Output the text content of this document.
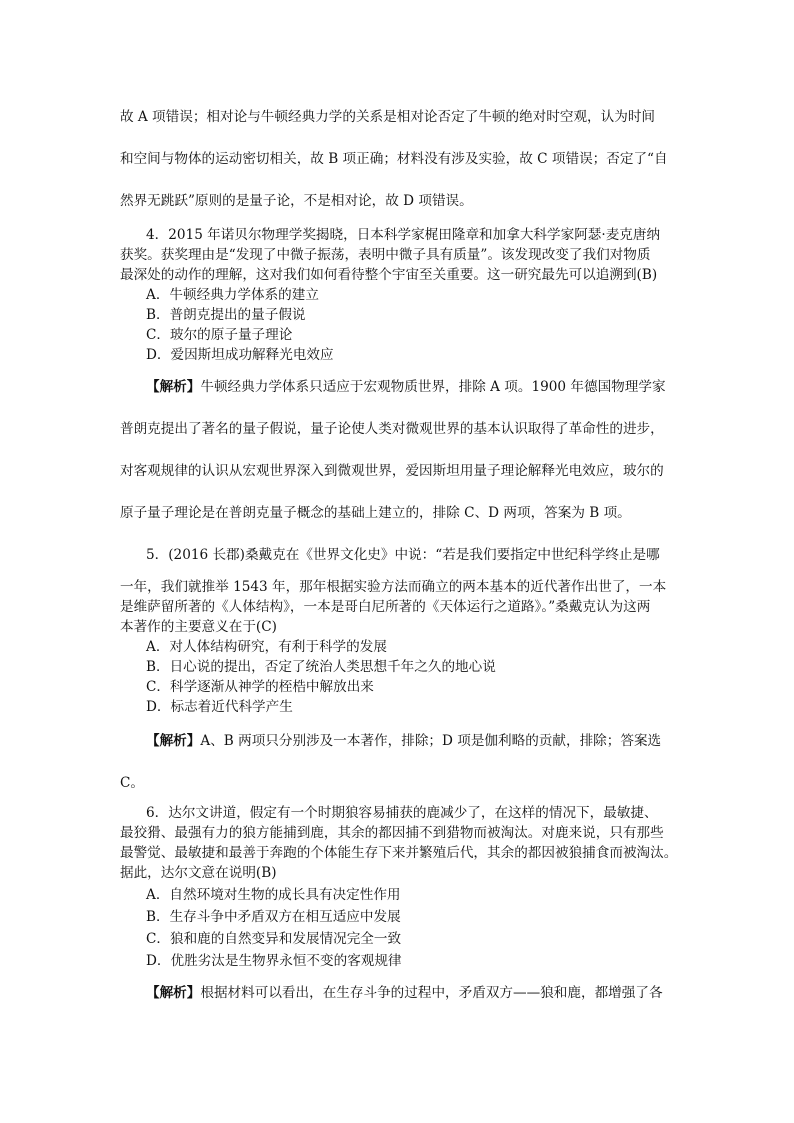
故 A 项错误；相对论与牛顿经典力学的关系是相对论否定了牛顿的绝对时空观，认为时间
和空间与物体的运动密切相关，故 B 项正确；材料没有涉及实验，故 C 项错误；否定了“自
然界无跳跃”原则的是量子论，不是相对论，故 D 项错误。
4．2015 年诺贝尔物理学奖揭晓，日本科学家梶田隆章和加拿大科学家阿瑟·麦克唐纳
获奖。获奖理由是“发现了中微子振荡，表明中微子具有质量”。该发现改变了我们对物质
最深处的动作的理解，这对我们如何看待整个宇宙至关重要。这一研究最先可以追溯到(B)
A．牛顿经典力学体系的建立
B．普朗克提出的量子假说
C．玻尔的原子量子理论
D．爱因斯坦成功解释光电效应
【解析】牛顿经典力学体系只适应于宏观物质世界，排除 A 项。1900 年德国物理学家
普朗克提出了著名的量子假说，量子论使人类对微观世界的基本认识取得了革命性的进步，
对客观规律的认识从宏观世界深入到微观世界，爱因斯坦用量子理论解释光电效应，玻尔的
原子量子理论是在普朗克量子概念的基础上建立的，排除 C、D 两项，答案为 B 项。
5．(2016 长郡)桑戴克在《世界文化史》中说：“若是我们要指定中世纪科学终止是哪
一年，我们就推举 1543 年，那年根据实验方法而确立的两本基本的近代著作出世了，一本
是维萨留所著的《人体结构》，一本是哥白尼所著的《天体运行之道路》。”桑戴克认为这两
本著作的主要意义在于(C)
A．对人体结构研究，有利于科学的发展
B．日心说的提出，否定了统治人类思想千年之久的地心说
C．科学逐渐从神学的桎梏中解放出来
D．标志着近代科学产生
【解析】A、B 两项只分别涉及一本著作，排除；D 项是伽利略的贡献，排除；答案选
C。
6．达尔文讲道，假定有一个时期狼容易捕获的鹿减少了，在这样的情况下，最敏捷、
最狡猾、最强有力的狼方能捕到鹿，其余的都因捕不到猎物而被淘汰。对鹿来说，只有那些
最警觉、最敏捷和最善于奔跑的个体能生存下来并繁殖后代，其余的都因被狼捕食而被淘汰。
据此，达尔文意在说明(B)
A．自然环境对生物的成长具有决定性作用
B．生存斗争中矛盾双方在相互适应中发展
C．狼和鹿的自然变异和发展情况完全一致
D．优胜劣汰是生物界永恒不变的客观规律
【解析】根据材料可以看出，在生存斗争的过程中，矛盾双方——狼和鹿，都增强了各
